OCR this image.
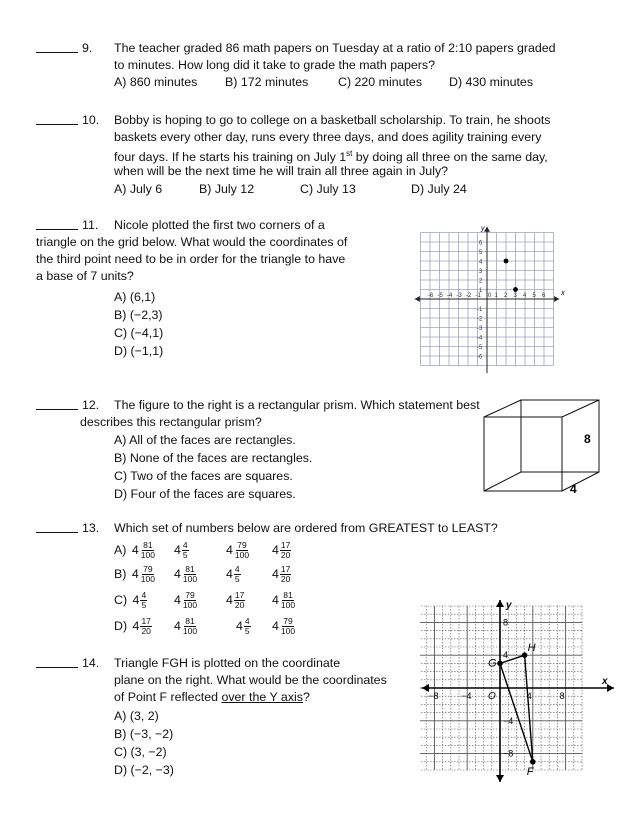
9. The teacher graded 86 math papers on Tuesday at a ratio of 2:10 papers graded
to minutes. How long did it take to grade the math papers?
A) 860 minutes B) 172 minutes C) 220 minutes D) 430 minutes
10. Bobby is hoping to go to college on a basketball scholarship. To train, he shoots
baskets every other day, runs every three days, and does agility training every
four days. If he starts his training on July 1st by doing all three on the same day,
when will be the next time he will train all three again in July?
A) July 6	B) July 12	C) July 13	D) July 24
11. Nicole plotted the first two corners of a
triangle on the grid below. What would the coordinates of
the third point need to be in order for the triangle to have
a base of 7 units?
A) (6,1)
B) (−2,3)
C) (−4,1)
D) (−1,1)
x
y
-6 -5 -4 -3 -2 -1 0 1 2 3 4 5 6
6
5
4
3
2
1
-1
-2
-3
-4
-5
-6
12. The figure to the right is a rectangular prism. Which statement best
describes this rectangular prism?
A) All of the faces are rectangles.
B) None of the faces are rectangles.
C) Two of the faces are squares.
D) Four of the faces are squares.
8
4
13. Which set of numbers below are ordered from GREATEST to LEAST?
A) $4 \frac{81}{100} 4 \frac{4}{5}$	$4 \frac{79}{100} 4 \frac{17}{20}$
B) $4 \frac{79}{100} 4 \frac{81}{100} 4 \frac{4}{5}$	$4 \frac{17}{20}$
C) $4 \frac{4}{5} 4 \frac{79}{100} 4 \frac{17}{20} 4 \frac{81}{100}$
D) $4 \frac{17}{20} 4 \frac{81}{100}$	$4 \frac{4}{5} 4 \frac{79}{100}$
14. Triangle FGH is plotted on the coordinate
plane on the right. What would be the coordinates
of Point F reflected over the Y axis?
A) (3, 2)
B) (−3, −2)
C) (3, −2)
D) (−2, −3)
x
y
O
−8	−4	4	8
8
4
−4
−8
G
H
F
